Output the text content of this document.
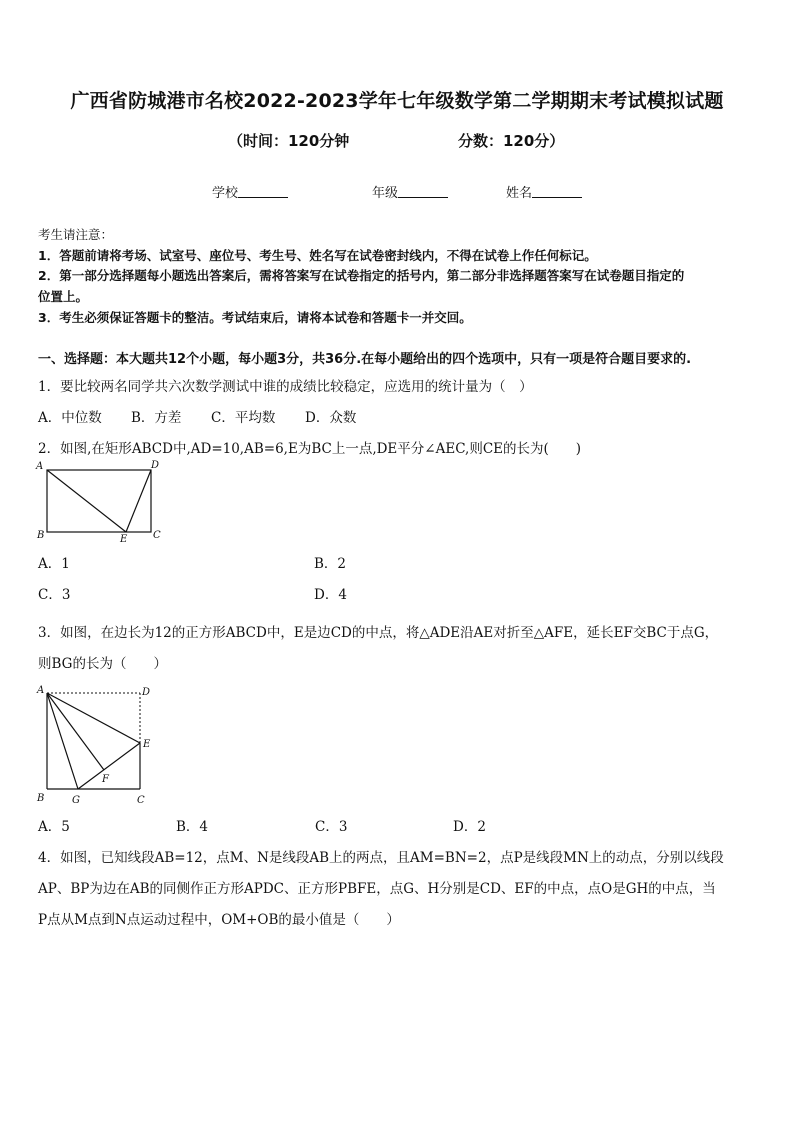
广西省防城港市名校2022-2023学年七年级数学第二学期期末考试模拟试题
（时间：120分钟	分数：120分）
学校	年级	姓名
考生请注意：
1．答题前请将考场、试室号、座位号、考生号、姓名写在试卷密封线内，不得在试卷上作任何标记。
2．第一部分选择题每小题选出答案后，需将答案写在试卷指定的括号内，第二部分非选择题答案写在试卷题目指定的
位置上。
3．考生必须保证答题卡的整洁。考试结束后，请将本试卷和答题卡一并交回。
一、选择题：本大题共12个小题，每小题3分，共36分.在每小题给出的四个选项中，只有一项是符合题目要求的.
1．要比较两名同学共六次数学测试中谁的成绩比较稳定，应选用的统计量为（　）
A．中位数 B．方差 C．平均数 D．众数
2．如图,在矩形ABCD中,AD=10,AB=6,E为BC上一点,DE平分∠AEC,则CE的长为(　　)
A	D
B	E	C
A．1	B．2
C．3	D．4
3．如图，在边长为12的正方形ABCD中，E是边CD的中点，将△ADE沿AE对折至△AFE，延长EF交BC于点G，
则BG的长为（　　）
A	D
E
F
B	G	C
A．5	B．4	C．3	D．2
4．如图，已知线段AB=12，点M、N是线段AB上的两点，且AM=BN=2，点P是线段MN上的动点，分别以线段
AP、BP为边在AB的同侧作正方形APDC、正方形PBFE，点G、H分别是CD、EF的中点，点O是GH的中点，当
P点从M点到N点运动过程中，OM+OB的最小值是（　　）
